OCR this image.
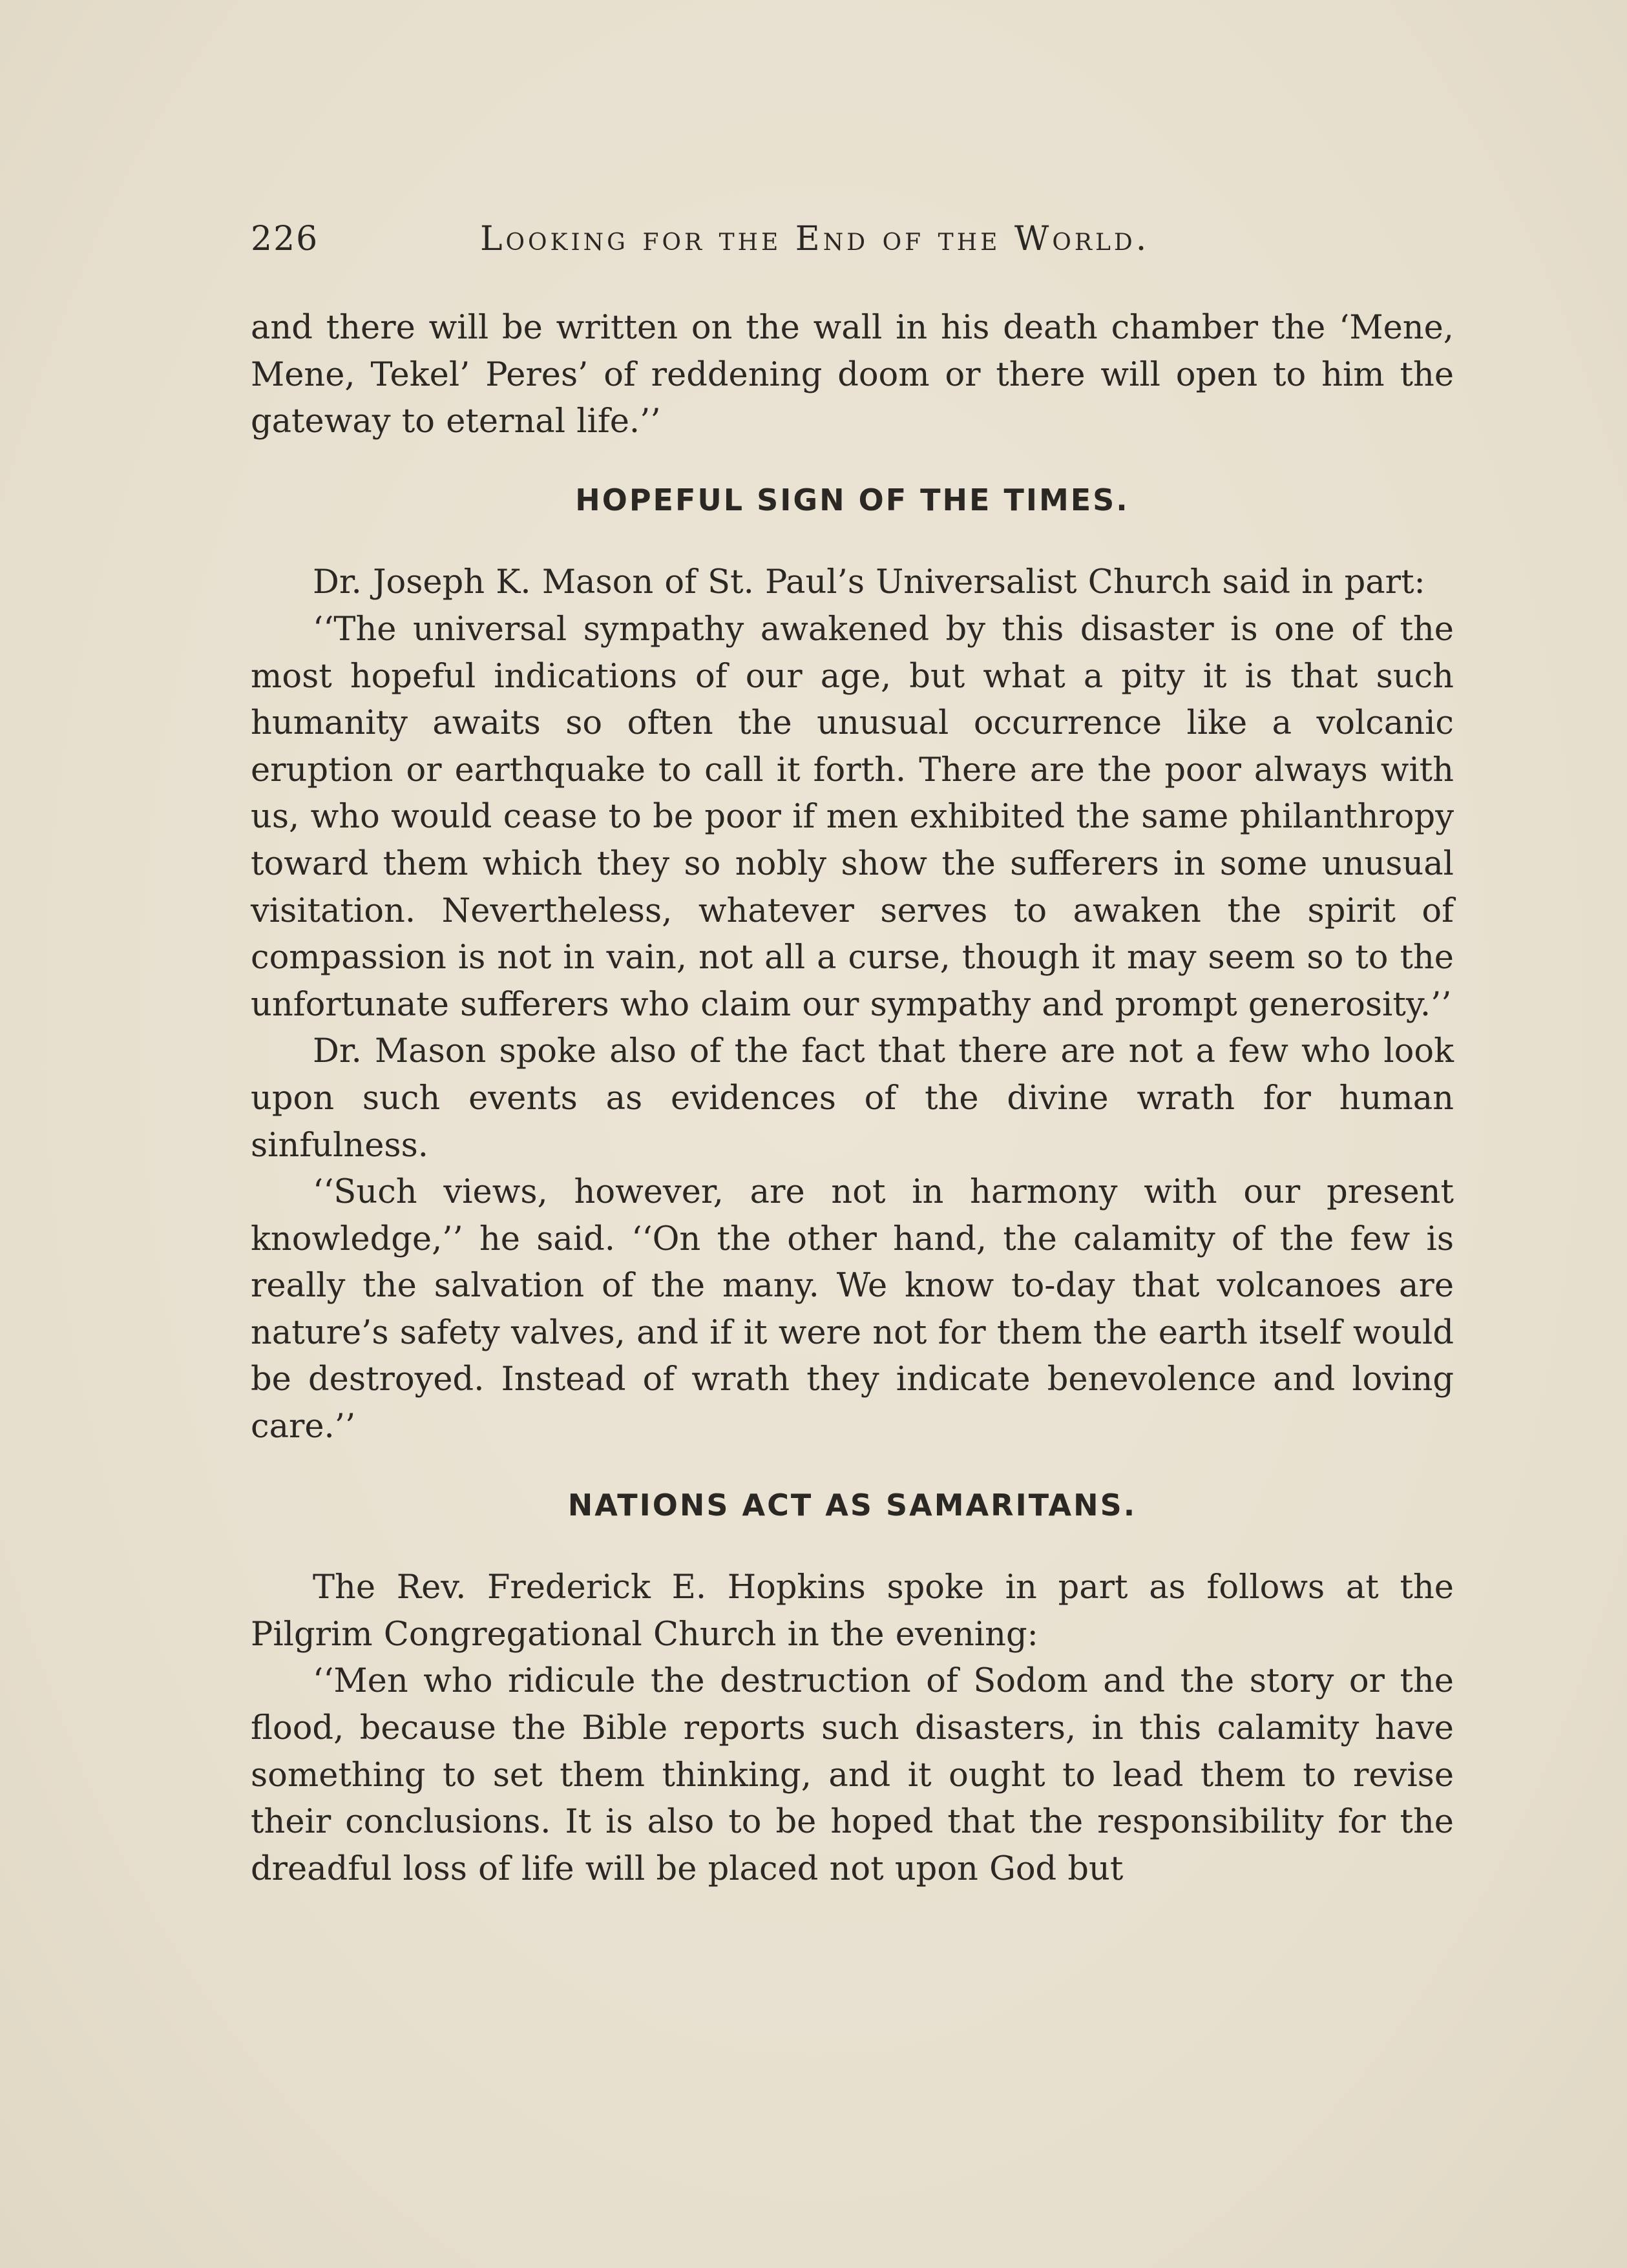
226	Looking for the End of the World.

and there will be written on the wall in his death chamber the ‘Mene, Mene, Tekel’ Peres’ of reddening doom or there will open to him the gateway to eternal life.’’

HOPEFUL SIGN OF THE TIMES.

Dr. Joseph K. Mason of St. Paul’s Universalist Church said in part:

‘‘The universal sympathy awakened by this disaster is one of the most hopeful indications of our age, but what a pity it is that such humanity awaits so often the unusual occurrence like a volcanic eruption or earthquake to call it forth. There are the poor always with us, who would cease to be poor if men exhibited the same philanthropy toward them which they so nobly show the sufferers in some unusual visitation. Nevertheless, whatever serves to awaken the spirit of compassion is not in vain, not all a curse, though it may seem so to the unfortunate sufferers who claim our sympathy and prompt generosity.’’

Dr. Mason spoke also of the fact that there are not a few who look upon such events as evidences of the divine wrath for human sinfulness.

‘‘Such views, however, are not in harmony with our present knowledge,’’ he said. ‘‘On the other hand, the calamity of the few is really the salvation of the many. We know to-day that volcanoes are nature’s safety valves, and if it were not for them the earth itself would be destroyed. Instead of wrath they indicate benevolence and loving care.’’

NATIONS ACT AS SAMARITANS.

The Rev. Frederick E. Hopkins spoke in part as follows at the Pilgrim Congregational Church in the evening:

‘‘Men who ridicule the destruction of Sodom and the story or the flood, because the Bible reports such disasters, in this calamity have something to set them thinking, and it ought to lead them to revise their conclusions. It is also to be hoped that the responsibility for the dreadful loss of life will be placed not upon God but
